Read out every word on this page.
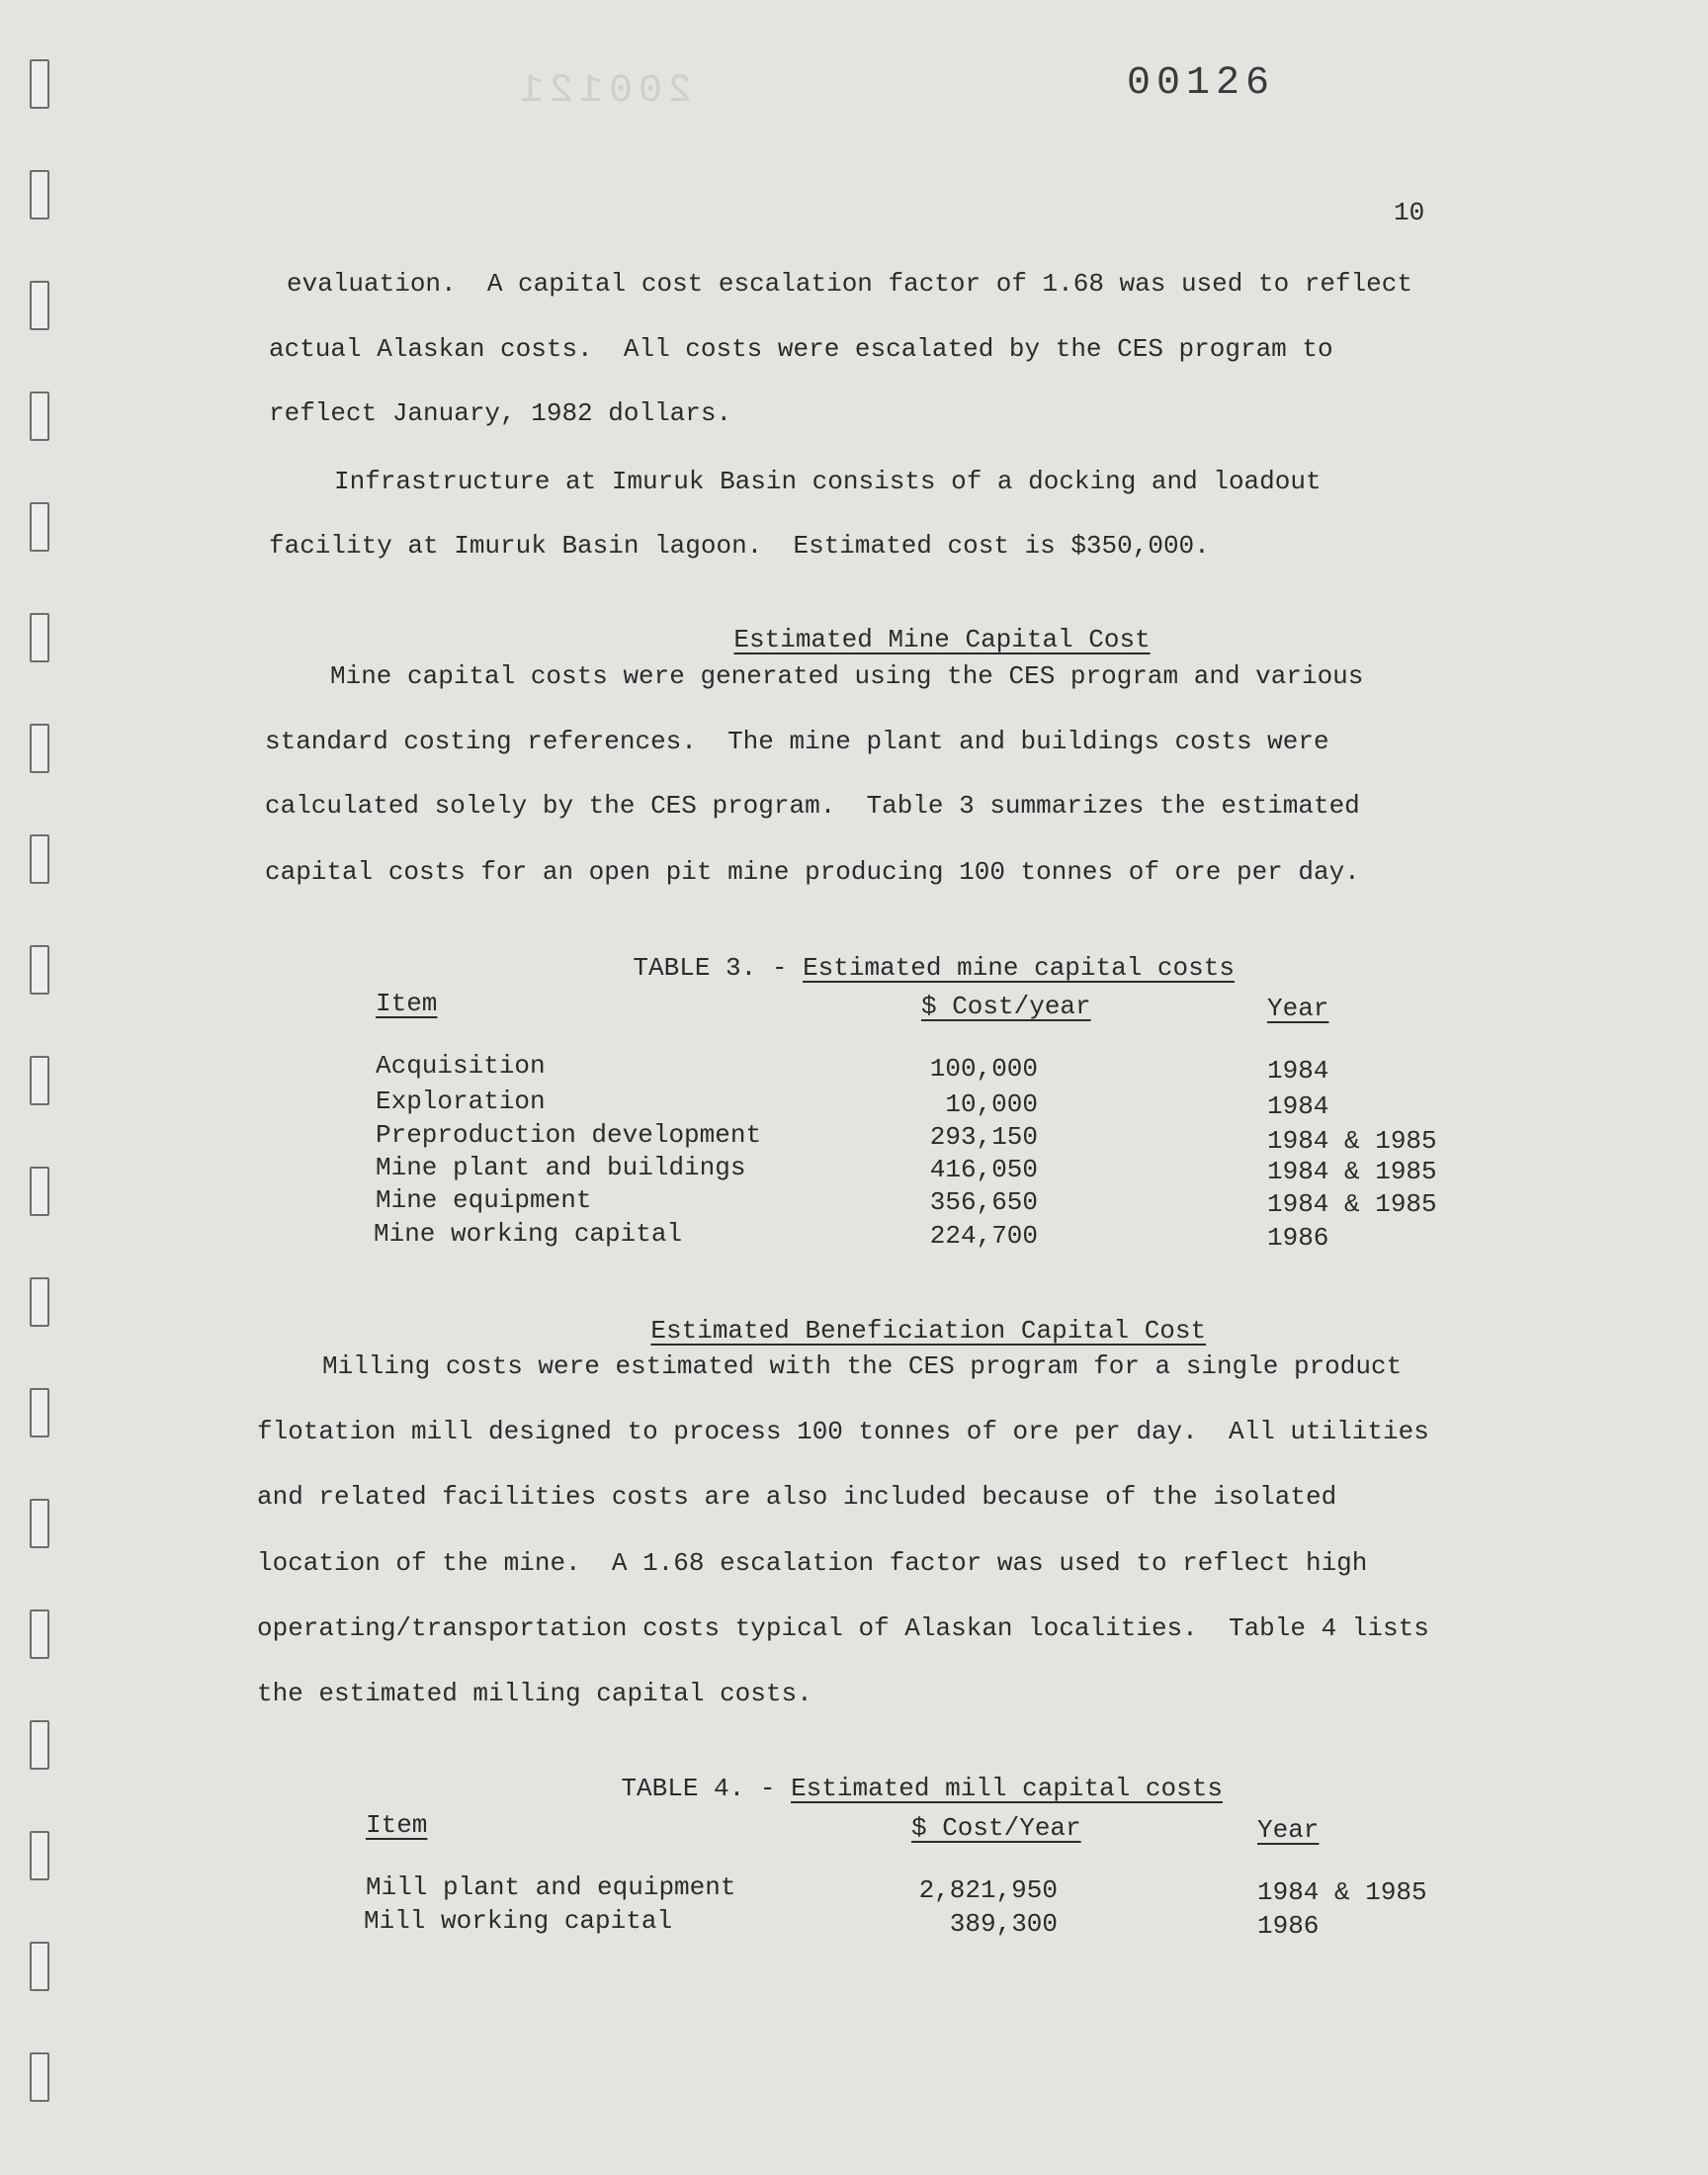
200121	00126
10
evaluation.  A capital cost escalation factor of 1.68 was used to reflect
actual Alaskan costs.  All costs were escalated by the CES program to
reflect January, 1982 dollars.
Infrastructure at Imuruk Basin consists of a docking and loadout
facility at Imuruk Basin lagoon.  Estimated cost is $350,000.

Estimated Mine Capital Cost

Mine capital costs were generated using the CES program and various
standard costing references.  The mine plant and buildings costs were
calculated solely by the CES program.  Table 3 summarizes the estimated
capital costs for an open pit mine producing 100 tonnes of ore per day.

TABLE 3. - Estimated mine capital costs

Item	$ Cost/year	Year
Acquisition	100,000	1984
Exploration	10,000	1984
Preproduction development	293,150	1984 & 1985
Mine plant and buildings	416,050	1984 & 1985
Mine equipment	356,650	1984 & 1985
Mine working capital	224,700	1986

Estimated Beneficiation Capital Cost

Milling costs were estimated with the CES program for a single product
flotation mill designed to process 100 tonnes of ore per day.  All utilities
and related facilities costs are also included because of the isolated
location of the mine.  A 1.68 escalation factor was used to reflect high
operating/transportation costs typical of Alaskan localities.  Table 4 lists
the estimated milling capital costs.

TABLE 4. - Estimated mill capital costs

Item	$ Cost/Year	Year
Mill plant and equipment	2,821,950	1984 & 1985
Mill working capital	389,300	1986
